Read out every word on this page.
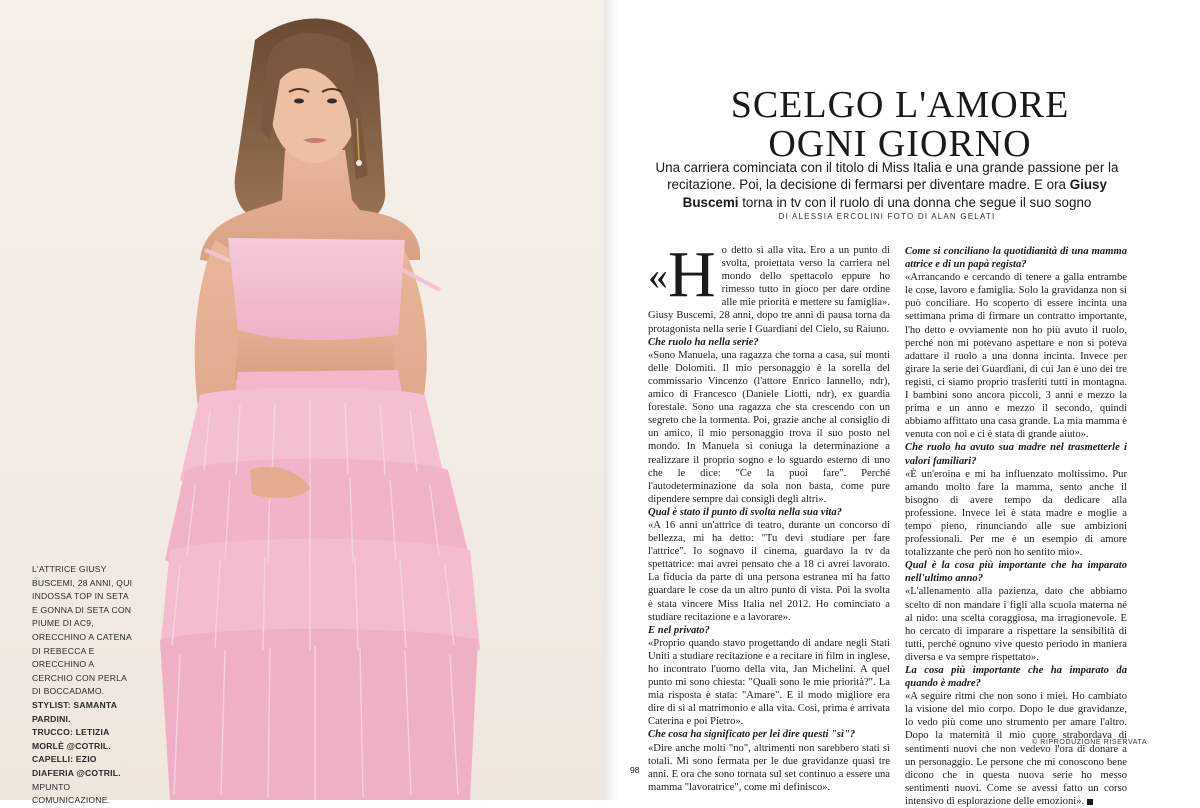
L'ATTRICE GIUSY
BUSCEMI, 28 ANNI, QUI
INDOSSA TOP IN SETA
E GONNA DI SETA CON
PIUME DI AC9,
ORECCHINO A CATENA
DI REBECCA E
ORECCHINO A
CERCHIO CON PERLA
DI BOCCADAMO.
STYLIST: SAMANTA
PARDINI.
TRUCCO: LETIZIA
MORLÈ @COTRIL.
CAPELLI: EZIO
DIAFERIA @COTRIL.
MPUNTO
COMUNICAZIONE.
SCELGO L'AMORE
OGNI GIORNO

Una carriera cominciata con il titolo di Miss Italia e una grande passione per la recitazione. Poi, la decisione di fermarsi per diventare madre. E ora Giusy Buscemi torna in tv con il ruolo di una donna che segue il suo sogno

DI ALESSIA ERCOLINI FOTO DI ALAN GELATI

« H o detto sì alla vita. Ero a un punto di svolta, proiettata verso la carriera nel mondo dello spettacolo eppure ho rimesso tutto in gioco per dare ordine alle mie priorità e mettere su famiglia». Giusy Buscemi, 28 anni, dopo tre anni di pausa torna da protagonista nella serie I Guardiani del Cielo, su Raiuno.

Che ruolo ha nella serie?
«Sono Manuela, una ragazza che torna a casa, sui monti delle Dolomiti. Il mio personaggio è la sorella del commissario Vincenzo (l'attore Enrico Iannello, ndr), amico di Francesco (Daniele Liotti, ndr), ex guardia forestale. Sono una ragazza che sta crescendo con un segreto che la tormenta. Poi, grazie anche al consiglio di un amico, il mio personaggio trova il suo posto nel mondo. In Manuela si coniuga la determinazione a realizzare il proprio sogno e lo sguardo esterno di uno che le dice: "Ce la puoi fare". Perché l'autodeterminazione da sola non basta, come pure dipendere sempre dai consigli degli altri».

Qual è stato il punto di svolta nella sua vita?
«A 16 anni un'attrice di teatro, durante un concorso di bellezza, mi ha detto: "Tu devi studiare per fare l'attrice". Io sognavo il cinema, guardavo la tv da spettatrice: mai avrei pensato che a 18 ci avrei lavorato. La fiducia da parte di una persona estranea mi ha fatto guardare le cose da un altro punto di vista. Poi la svolta è stata vincere Miss Italia nel 2012. Ho cominciato a studiare recitazione e a lavorare».

E nel privato?
«Proprio quando stavo progettando di andare negli Stati Uniti a studiare recitazione e a recitare in film in inglese, ho incontrato l'uomo della vita, Jan Michelini. A quel punto mi sono chiesta: "Quali sono le mie priorità?". La mia risposta è stata: "Amare". E il modo migliore era dire di sì al matrimonio e alla vita. Così, prima è arrivata Caterina e poi Pietro».

Che cosa ha significato per lei dire questi "sì"?
«Dire anche molti "no", altrimenti non sarebbero stati sì totali. Mi sono fermata per le due gravidanze quasi tre anni. E ora che sono tornata sul set continuo a essere una mamma "lavoratrice", come mi definisco».

Come si conciliano la quotidianità di una mamma attrice e di un papà regista?
«Arrancando e cercando di tenere a galla entrambe le cose, lavoro e famiglia. Solo la gravidanza non si può conciliare. Ho scoperto di essere incinta una settimana prima di firmare un contratto importante, l'ho detto e ovviamente non ho più avuto il ruolo, perché non mi potevano aspettare e non si poteva adattare il ruolo a una donna incinta. Invece per girare la serie dei Guardiani, di cui Jan è uno dei tre registi, ci siamo proprio trasferiti tutti in montagna. I bambini sono ancora piccoli, 3 anni e mezzo la prima e un anno e mezzo il secondo, quindi abbiamo affittato una casa grande. La mia mamma è venuta con noi e ci è stata di grande aiuto».

Che ruolo ha avuto sua madre nel trasmetterle i valori familiari?
«È un'eroina e mi ha influenzato moltissimo. Pur amando molto fare la mamma, sento anche il bisogno di avere tempo da dedicare alla professione. Invece lei è stata madre e moglie a tempo pieno, rinunciando alle sue ambizioni professionali. Per me è un esempio di amore totalizzante che però non ho sentito mio».

Qual è la cosa più importante che ha imparato nell'ultimo anno?
«L'allenamento alla pazienza, dato che abbiamo scelto di non mandare i figli alla scuola materna né al nido: una scelta coraggiosa, ma irragionevole. E ho cercato di imparare a rispettare la sensibilità di tutti, perché ognuno vive questo periodo in maniera diversa e va sempre rispettato».

La cosa più importante che ha imparato da quando è madre?
«A seguire ritmi che non sono i miei. Ho cambiato la visione del mio corpo. Dopo le due gravidanze, lo vedo più come uno strumento per amare l'altro. Dopo la maternità il mio cuore strabordava di sentimenti nuovi che non vedevo l'ora di donare a un personaggio. Le persone che mi conoscono bene dicono che in questa nuova serie ho messo sentimenti nuovi. Come se avessi fatto un corso intensivo di esplorazione delle emozioni».

© RIPRODUZIONE RISERVATA
98
